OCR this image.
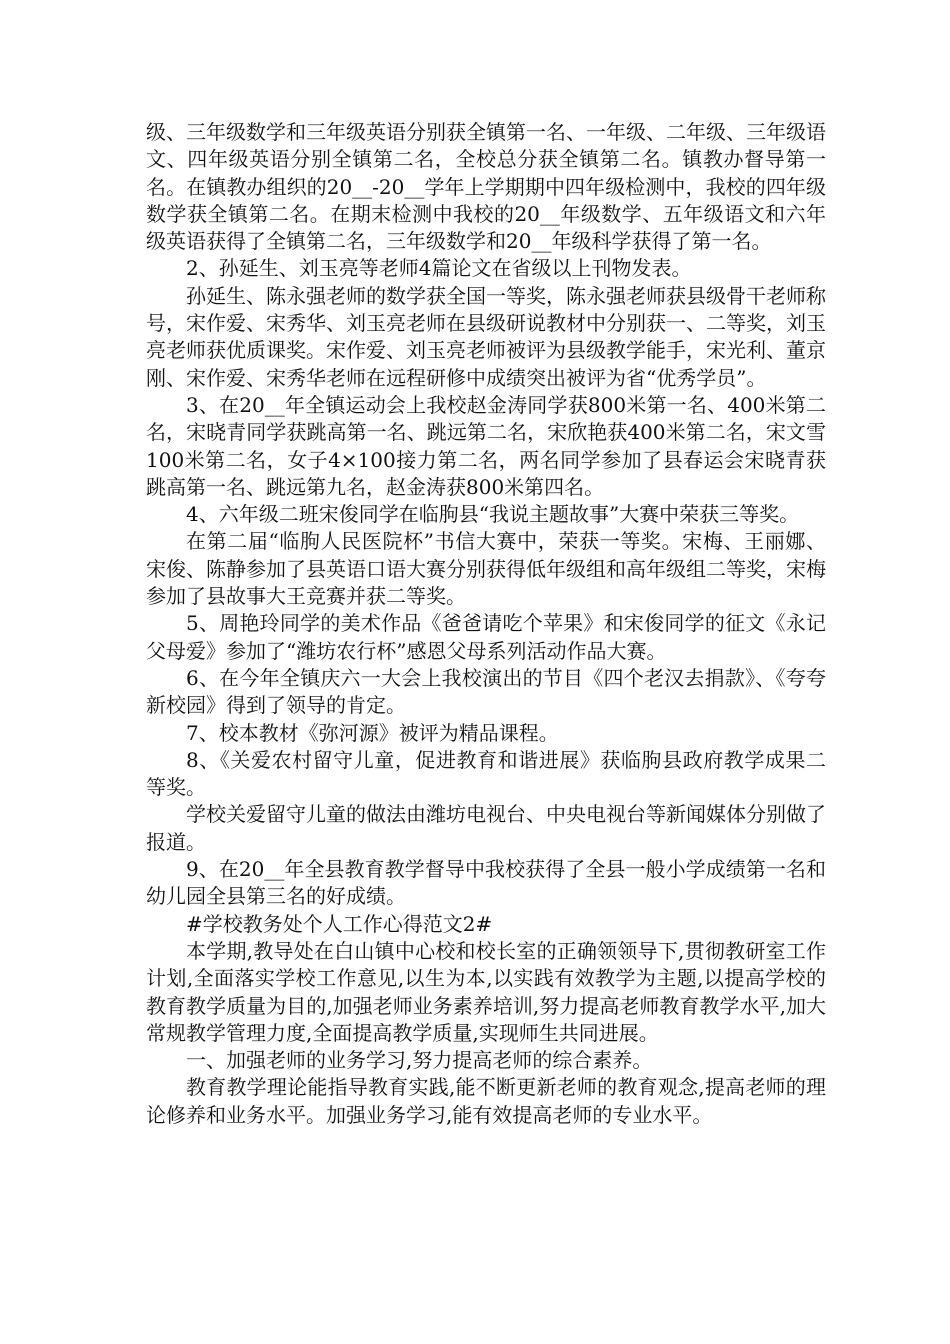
级、三年级数学和三年级英语分别获全镇第一名、一年级、二年级、三年级语文、四年级英语分别全镇第二名，全校总分获全镇第二名。镇教办督导第一名。在镇教办组织的20__-20__学年上学期期中四年级检测中，我校的四年级数学获全镇第二名。在期末检测中我校的20__年级数学、五年级语文和六年级英语获得了全镇第二名，三年级数学和20__年级科学获得了第一名。

2、孙延生、刘玉亮等老师4篇论文在省级以上刊物发表。

孙延生、陈永强老师的数学获全国一等奖，陈永强老师获县级骨干老师称号，宋作爱、宋秀华、刘玉亮老师在县级研说教材中分别获一、二等奖，刘玉亮老师获优质课奖。宋作爱、刘玉亮老师被评为县级教学能手，宋光利、董京刚、宋作爱、宋秀华老师在远程研修中成绩突出被评为省“优秀学员”。

3、在20__年全镇运动会上我校赵金涛同学获800米第一名、400米第二名，宋晓青同学获跳高第一名、跳远第二名，宋欣艳获400米第二名，宋文雪100米第二名，女子4×100接力第二名，两名同学参加了县春运会宋晓青获跳高第一名、跳远第九名，赵金涛获800米第四名。

4、六年级二班宋俊同学在临朐县“我说主题故事”大赛中荣获三等奖。

在第二届“临朐人民医院杯”书信大赛中，荣获一等奖。宋梅、王丽娜、宋俊、陈静参加了县英语口语大赛分别获得低年级组和高年级组二等奖，宋梅参加了县故事大王竞赛并获二等奖。

5、周艳玲同学的美术作品《爸爸请吃个苹果》和宋俊同学的征文《永记父母爱》参加了“潍坊农行杯”感恩父母系列活动作品大赛。

6、在今年全镇庆六一大会上我校演出的节目《四个老汉去捐款》、《夸夸新校园》得到了领导的肯定。

7、校本教材《弥河源》被评为精品课程。

8、《关爱农村留守儿童，促进教育和谐进展》获临朐县政府教学成果二等奖。

学校关爱留守儿童的做法由潍坊电视台、中央电视台等新闻媒体分别做了报道。

9、在20__年全县教育教学督导中我校获得了全县一般小学成绩第一名和幼儿园全县第三名的好成绩。

#学校教务处个人工作心得范文2#

本学期,教导处在白山镇中心校和校长室的正确领领导下,贯彻教研室工作计划,全面落实学校工作意见,以生为本,以实践有效教学为主题,以提高学校的教育教学质量为目的,加强老师业务素养培训,努力提高老师教育教学水平,加大常规教学管理力度,全面提高教学质量,实现师生共同进展。

一、加强老师的业务学习,努力提高老师的综合素养。

教育教学理论能指导教育实践,能不断更新老师的教育观念,提高老师的理论修养和业务水平。加强业务学习,能有效提高老师的专业水平。
